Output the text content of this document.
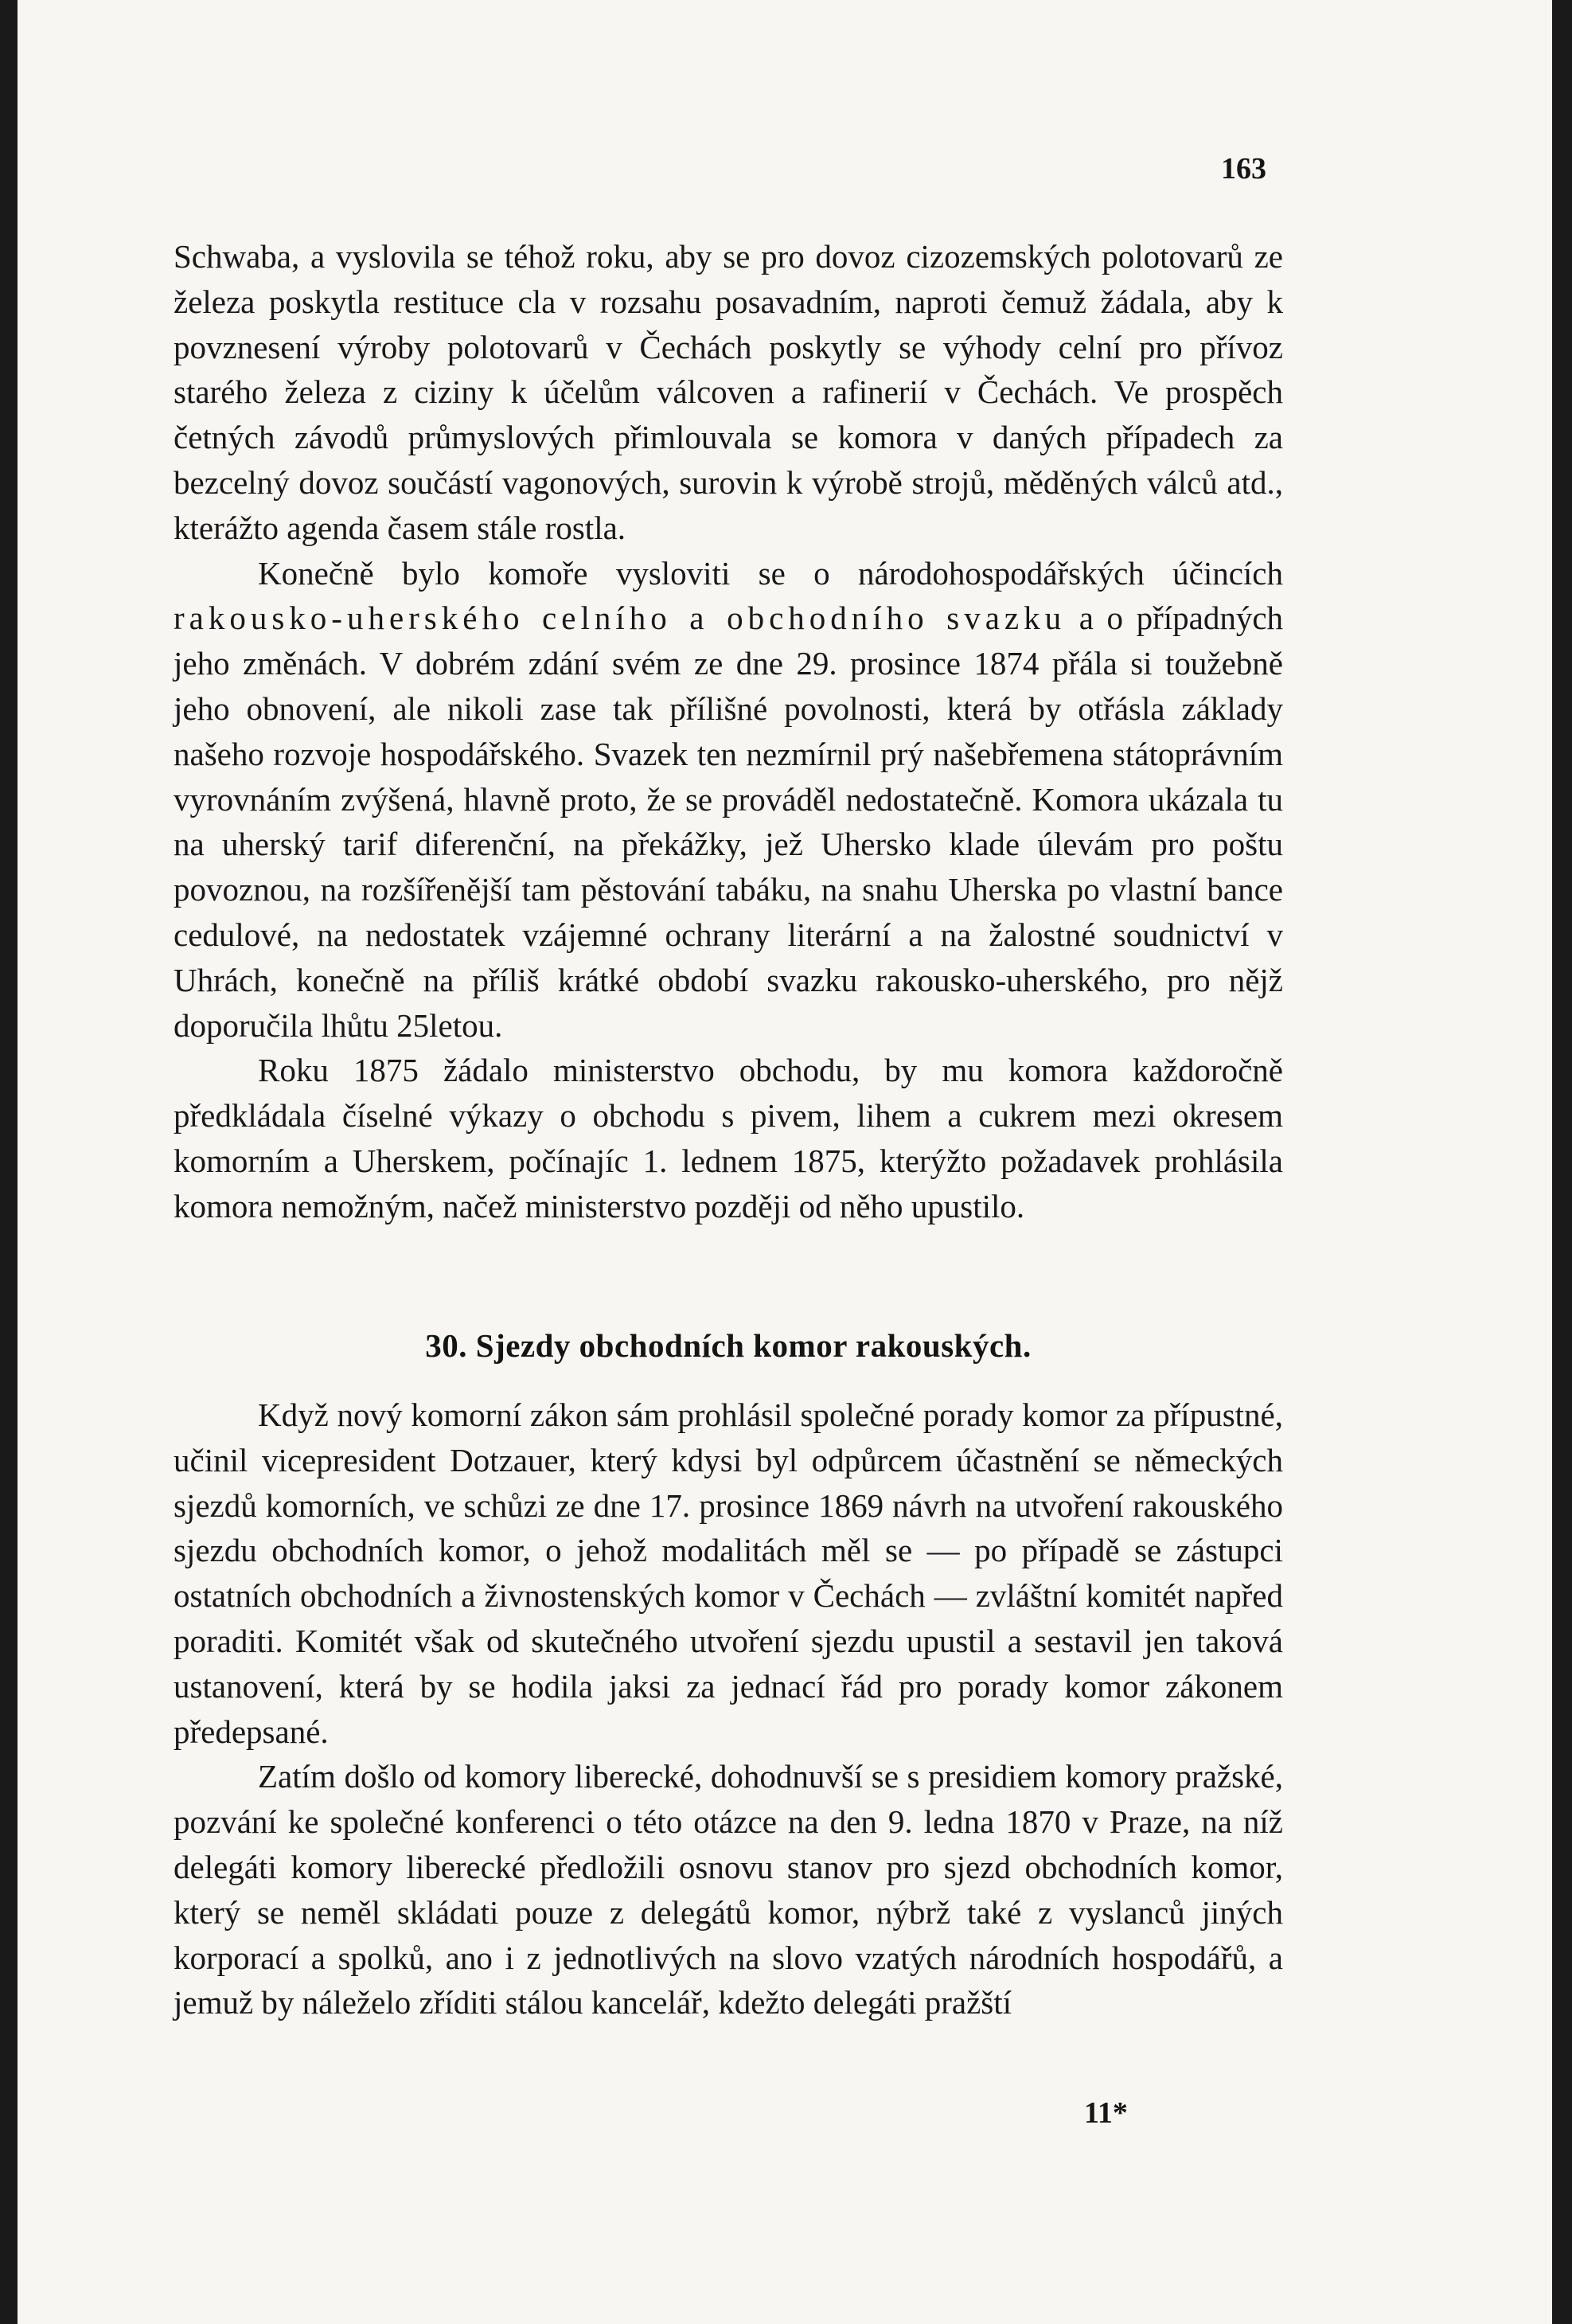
163

Schwaba, a vyslovila se téhož roku, aby se pro dovoz cizozemských polotovarů ze železa poskytla restituce cla v rozsahu posavadním, naproti čemuž žádala, aby k povznesení výroby polotovarů v Čechách poskytly se výhody celní pro přívoz starého železa z ciziny k účelům válcoven a rafinerií v Čechách. Ve prospěch četných závodů průmyslových přimlouvala se komora v daných případech za bezcelný dovoz součástí vagonových, surovin k výrobě strojů, měděných válců atd., kterážto agenda časem stále rostla.

Konečně bylo komoře vysloviti se o národohospodářských účincích rakousko-uherského celního a obchodního svazku a o případných jeho změnách. V dobrém zdání svém ze dne 29. prosince 1874 přála si toužebně jeho obnovení, ale nikoli zase tak přílišné povolnosti, která by otřásla základy našeho rozvoje hospodářského. Svazek ten nezmírnil prý našebřemena státoprávním vyrovnáním zvýšená, hlavně proto, že se prováděl nedostatečně. Komora ukázala tu na uherský tarif diferenční, na překážky, jež Uhersko klade úlevám pro poštu povoznou, na rozšířenější tam pěstování tabáku, na snahu Uherska po vlastní bance cedulové, na nedostatek vzájemné ochrany literární a na žalostné soudnictví v Uhrách, konečně na příliš krátké období svazku rakousko-uherského, pro nějž doporučila lhůtu 25letou.

Roku 1875 žádalo ministerstvo obchodu, by mu komora každoročně předkládala číselné výkazy o obchodu s pivem, lihem a cukrem mezi okresem komorním a Uherskem, počínajíc 1. lednem 1875, kterýžto požadavek prohlásila komora nemožným, načež ministerstvo později od něho upustilo.

30. Sjezdy obchodních komor rakouských.

Když nový komorní zákon sám prohlásil společné porady komor za přípustné, učinil vicepresident Dotzauer, který kdysi byl odpůrcem účastnění se německých sjezdů komorních, ve schůzi ze dne 17. prosince 1869 návrh na utvoření rakouského sjezdu obchodních komor, o jehož modalitách měl se — po případě se zástupci ostatních obchodních a živnostenských komor v Čechách — zvláštní komitét napřed poraditi. Komitét však od skutečného utvoření sjezdu upustil a sestavil jen taková ustanovení, která by se hodila jaksi za jednací řád pro porady komor zákonem předepsané.

Zatím došlo od komory liberecké, dohodnuvší se s presidiem komory pražské, pozvání ke společné konferenci o této otázce na den 9. ledna 1870 v Praze, na níž delegáti komory liberecké předložili osnovu stanov pro sjezd obchodních komor, který se neměl skládati pouze z delegátů komor, nýbrž také z vyslanců jiných korporací a spolků, ano i z jednotlivých na slovo vzatých národních hospodářů, a jemuž by náleželo zříditi stálou kancelář, kdežto delegáti pražští

11*
